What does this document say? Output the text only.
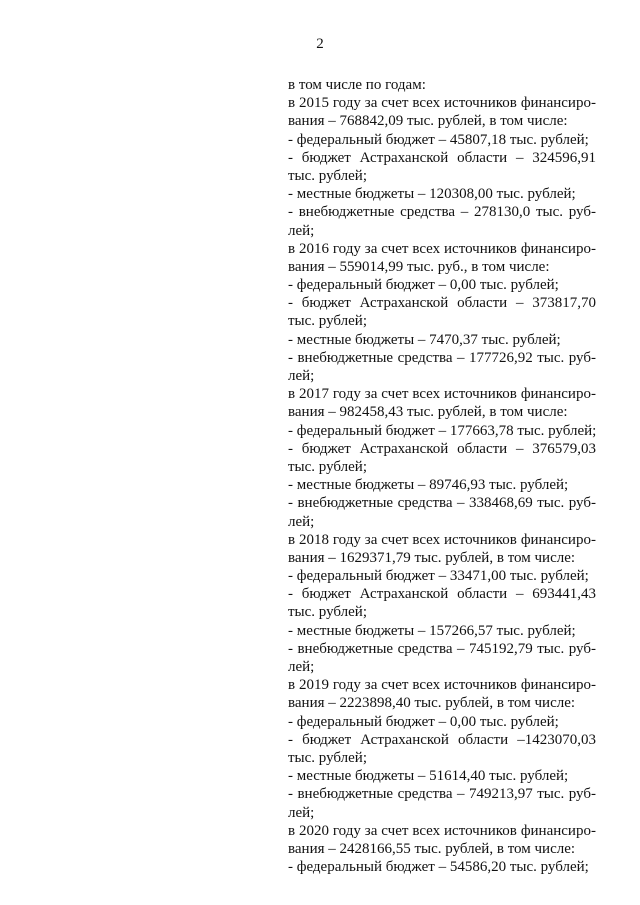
2
в том числе по годам:
в 2015 году за счет всех источников финансиро-
вания – 768842,09 тыс. рублей, в том числе:
- федеральный бюджет – 45807,18 тыс. рублей;
- бюджет Астраханской области – 324596,91
тыс. рублей;
- местные бюджеты – 120308,00 тыс. рублей;
- внебюджетные средства – 278130,0 тыс. руб-
лей;
в 2016 году за счет всех источников финансиро-
вания – 559014,99 тыс. руб., в том числе:
- федеральный бюджет – 0,00 тыс. рублей;
- бюджет Астраханской области – 373817,70
тыс. рублей;
- местные бюджеты – 7470,37 тыс. рублей;
- внебюджетные средства – 177726,92 тыс. руб-
лей;
в 2017 году за счет всех источников финансиро-
вания – 982458,43 тыс. рублей, в том числе:
- федеральный бюджет – 177663,78 тыс. рублей;
- бюджет Астраханской области – 376579,03
тыс. рублей;
- местные бюджеты – 89746,93 тыс. рублей;
- внебюджетные средства – 338468,69 тыс. руб-
лей;
в 2018 году за счет всех источников финансиро-
вания – 1629371,79 тыс. рублей, в том числе:
- федеральный бюджет – 33471,00 тыс. рублей;
- бюджет Астраханской области – 693441,43
тыс. рублей;
- местные бюджеты – 157266,57 тыс. рублей;
- внебюджетные средства – 745192,79 тыс. руб-
лей;
в 2019 году за счет всех источников финансиро-
вания – 2223898,40 тыс. рублей, в том числе:
- федеральный бюджет – 0,00 тыс. рублей;
- бюджет Астраханской области –1423070,03
тыс. рублей;
- местные бюджеты – 51614,40 тыс. рублей;
- внебюджетные средства – 749213,97 тыс. руб-
лей;
в 2020 году за счет всех источников финансиро-
вания – 2428166,55 тыс. рублей, в том числе:
- федеральный бюджет – 54586,20 тыс. рублей;
